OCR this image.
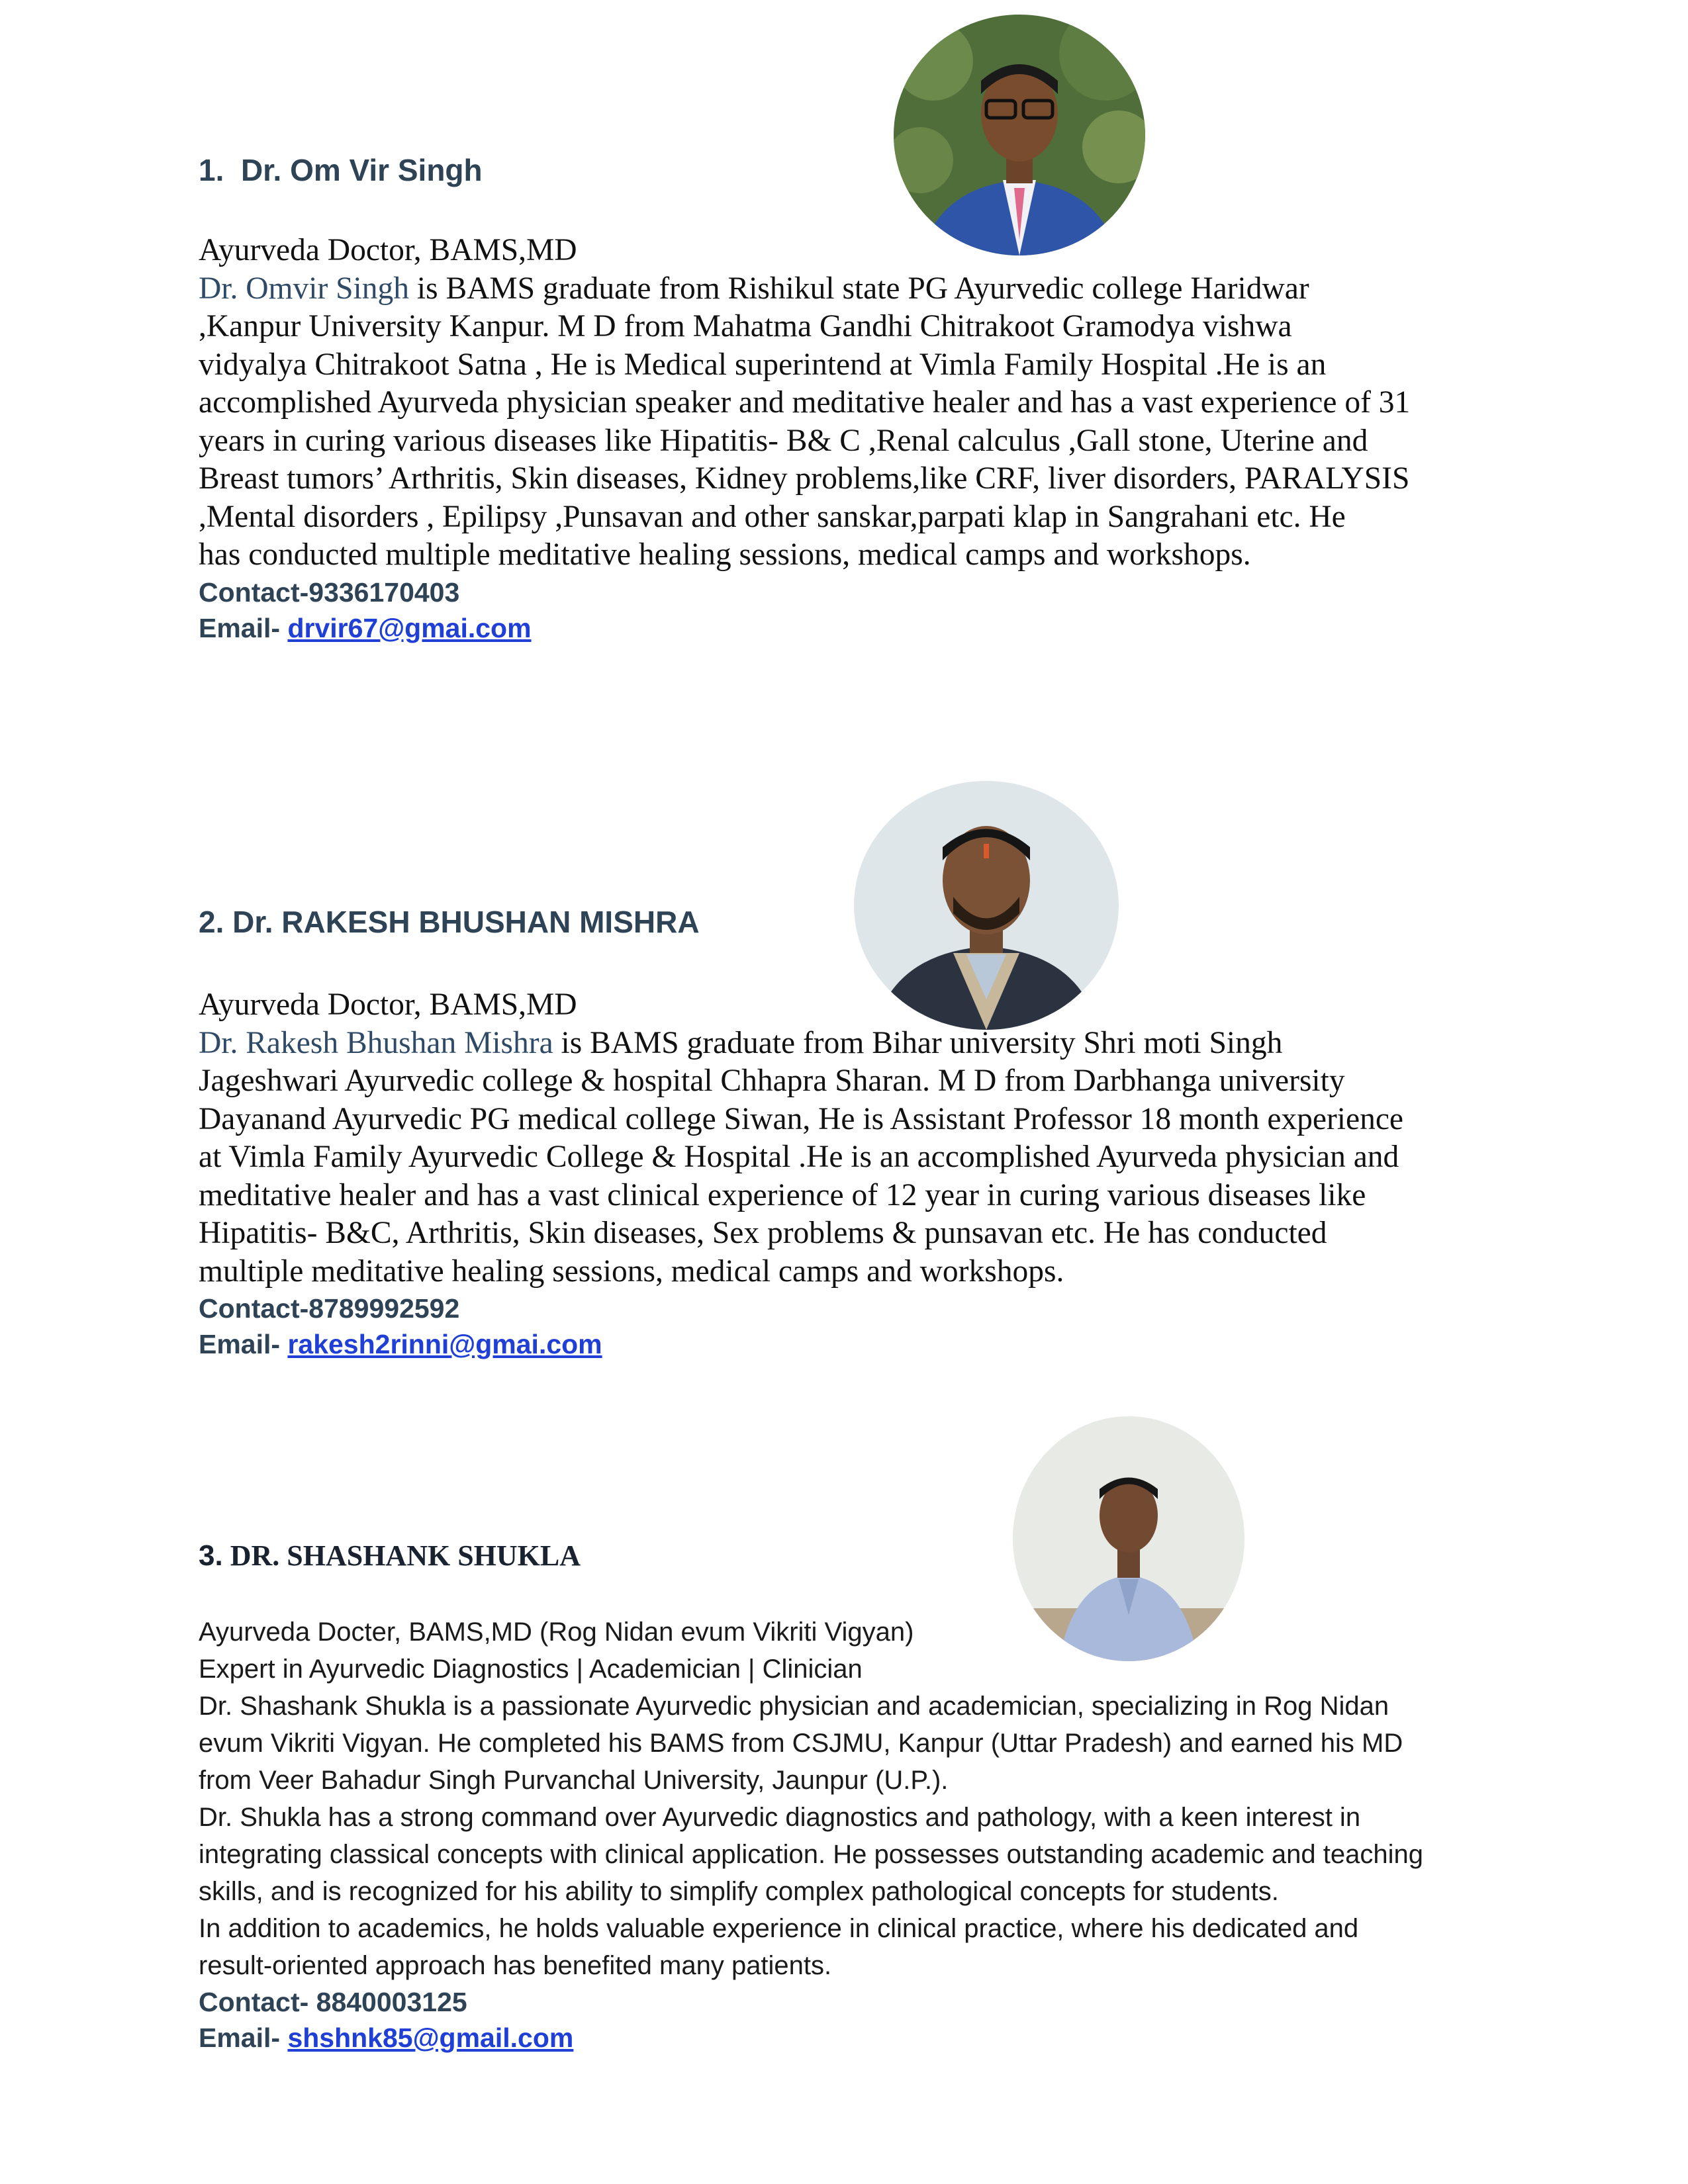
1. Dr. Om Vir Singh

Ayurveda Doctor, BAMS,MD

Dr. Omvir Singh is BAMS graduate from Rishikul state PG Ayurvedic college Haridwar

,Kanpur University Kanpur. M D from Mahatma Gandhi Chitrakoot Gramodya vishwa

vidyalya Chitrakoot Satna , He is Medical superintend at Vimla Family Hospital .He is an

accomplished Ayurveda physician speaker and meditative healer and has a vast experience of 31

years in curing various diseases like Hipatitis- B& C ,Renal calculus ,Gall stone, Uterine and

Breast tumors’ Arthritis, Skin diseases, Kidney problems,like CRF, liver disorders, PARALYSIS

,Mental disorders , Epilipsy ,Punsavan and other sanskar,parpati klap in Sangrahani etc. He

has conducted multiple meditative healing sessions, medical camps and workshops.

Contact-9336170403

Email- drvir67@gmai.com

2. Dr. RAKESH BHUSHAN MISHRA

Ayurveda Doctor, BAMS,MD

Dr. Rakesh Bhushan Mishra is BAMS graduate from Bihar university Shri moti Singh

Jageshwari Ayurvedic college & hospital Chhapra Sharan. M D from Darbhanga university

Dayanand Ayurvedic PG medical college Siwan, He is Assistant Professor 18 month experience

at Vimla Family Ayurvedic College & Hospital .He is an accomplished Ayurveda physician and

meditative healer and has a vast clinical experience of 12 year in curing various diseases like

Hipatitis- B&C, Arthritis, Skin diseases, Sex problems & punsavan etc. He has conducted

multiple meditative healing sessions, medical camps and workshops.

Contact-8789992592

Email- rakesh2rinni@gmai.com

3. DR. SHASHANK SHUKLA

Ayurveda Docter, BAMS,MD (Rog Nidan evum Vikriti Vigyan)

Expert in Ayurvedic Diagnostics | Academician | Clinician

Dr. Shashank Shukla is a passionate Ayurvedic physician and academician, specializing in Rog Nidan

evum Vikriti Vigyan. He completed his BAMS from CSJMU, Kanpur (Uttar Pradesh) and earned his MD

from Veer Bahadur Singh Purvanchal University, Jaunpur (U.P.).

Dr. Shukla has a strong command over Ayurvedic diagnostics and pathology, with a keen interest in

integrating classical concepts with clinical application. He possesses outstanding academic and teaching

skills, and is recognized for his ability to simplify complex pathological concepts for students.

In addition to academics, he holds valuable experience in clinical practice, where his dedicated and

result-oriented approach has benefited many patients.

Contact- 8840003125

Email- shshnk85@gmail.com
